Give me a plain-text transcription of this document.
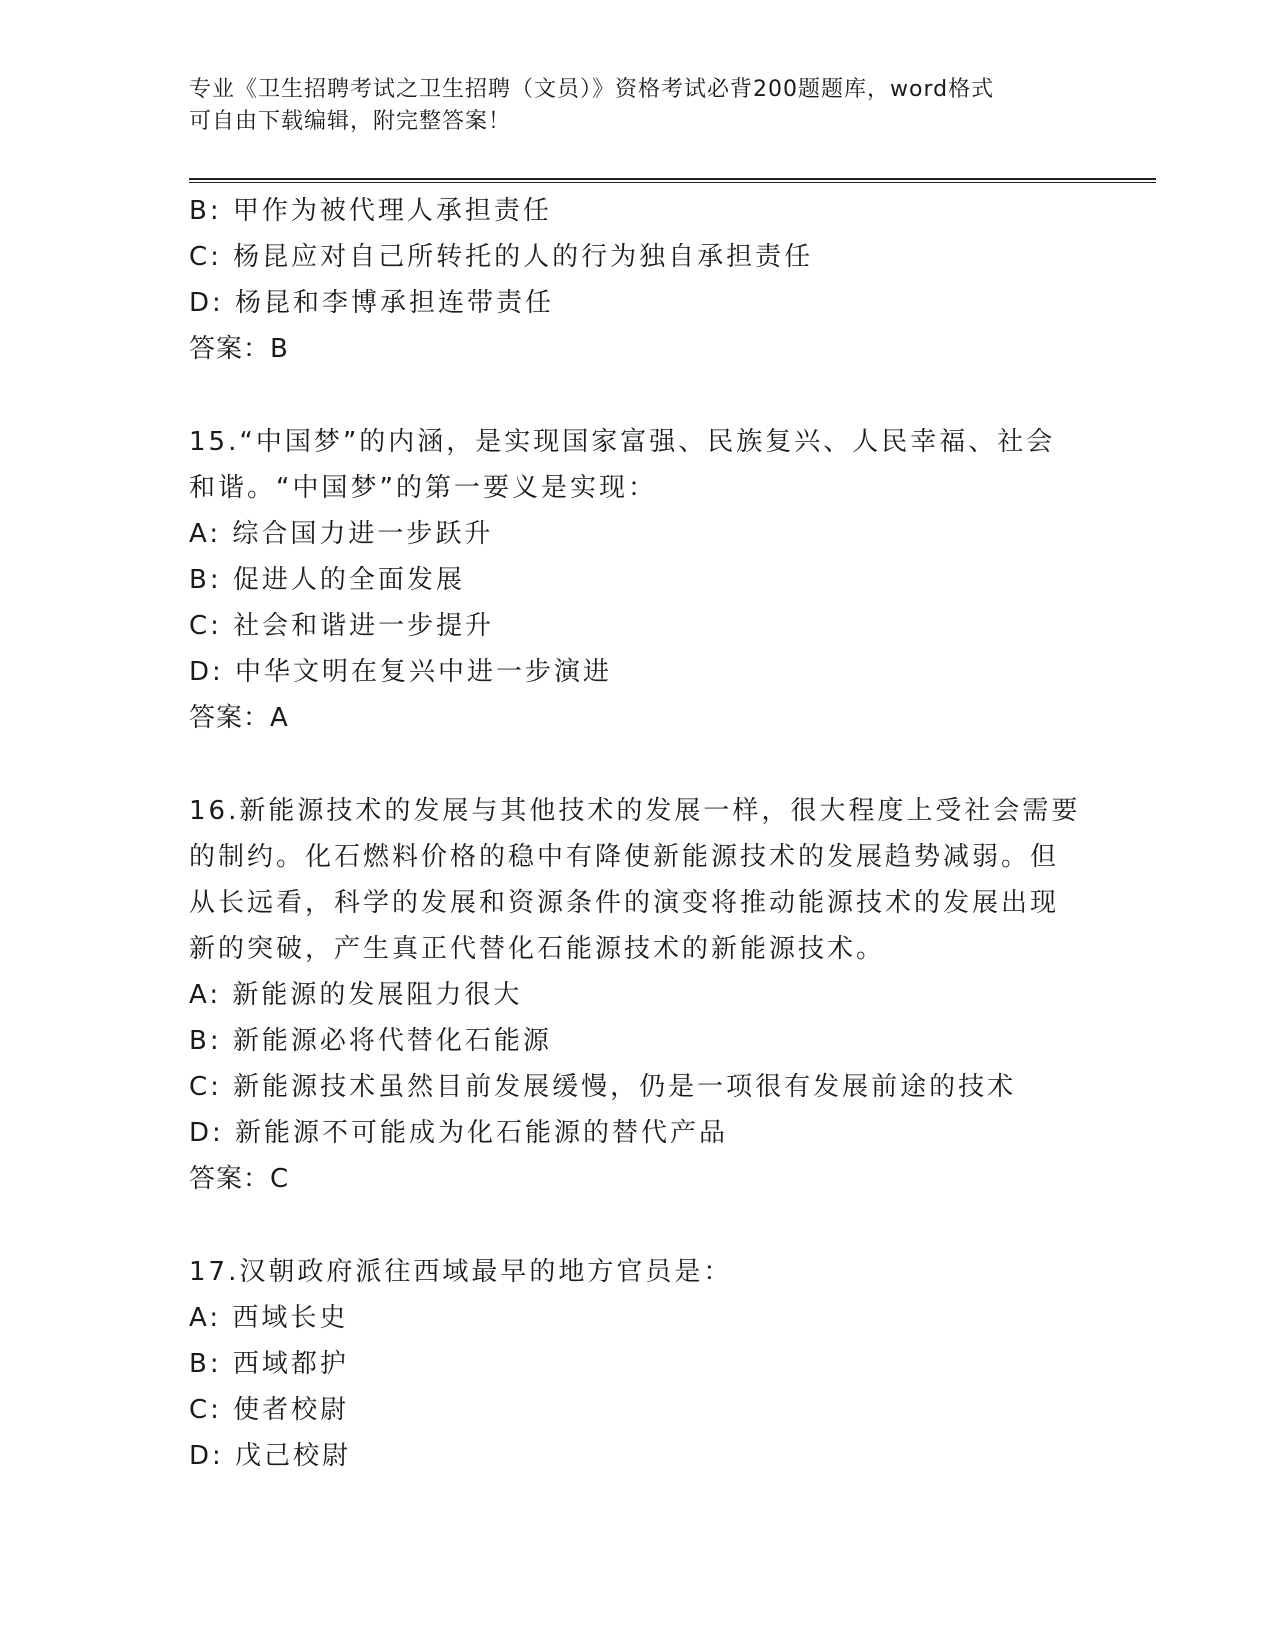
专业《卫生招聘考试之卫生招聘（文员）》资格考试必背200题题库，word格式
可自由下载编辑，附完整答案！
B: 甲作为被代理人承担责任
C: 杨昆应对自己所转托的人的行为独自承担责任
D: 杨昆和李博承担连带责任
答案：B
15.“中国梦”的内涵，是实现国家富强、民族复兴、人民幸福、社会
和谐。“中国梦”的第一要义是实现：
A: 综合国力进一步跃升
B: 促进人的全面发展
C: 社会和谐进一步提升
D: 中华文明在复兴中进一步演进
答案：A
16.新能源技术的发展与其他技术的发展一样，很大程度上受社会需要
的制约。化石燃料价格的稳中有降使新能源技术的发展趋势减弱。但
从长远看，科学的发展和资源条件的演变将推动能源技术的发展出现
新的突破，产生真正代替化石能源技术的新能源技术。
A: 新能源的发展阻力很大
B: 新能源必将代替化石能源
C: 新能源技术虽然目前发展缓慢，仍是一项很有发展前途的技术
D: 新能源不可能成为化石能源的替代产品
答案：C
17.汉朝政府派往西域最早的地方官员是：
A: 西域长史
B: 西域都护
C: 使者校尉
D: 戊己校尉
